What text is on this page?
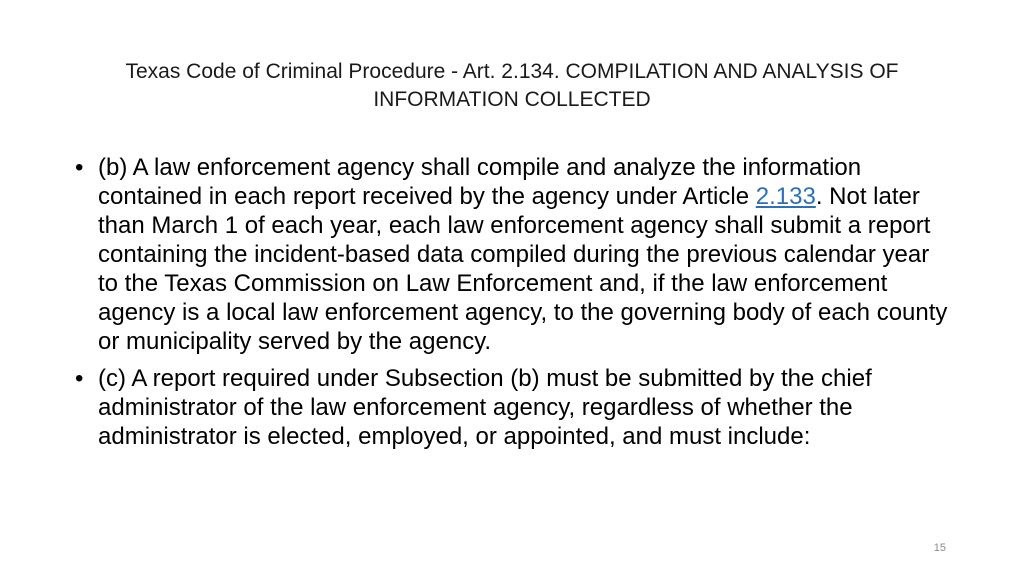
Texas Code of Criminal Procedure - Art. 2.134. COMPILATION AND ANALYSIS OF INFORMATION COLLECTED
• (b) A law enforcement agency shall compile and analyze the information contained in each report received by the agency under Article 2.133. Not later than March 1 of each year, each law enforcement agency shall submit a report containing the incident-based data compiled during the previous calendar year to the Texas Commission on Law Enforcement and, if the law enforcement agency is a local law enforcement agency, to the governing body of each county or municipality served by the agency.
• (c) A report required under Subsection (b) must be submitted by the chief administrator of the law enforcement agency, regardless of whether the administrator is elected, employed, or appointed, and must include:
15
